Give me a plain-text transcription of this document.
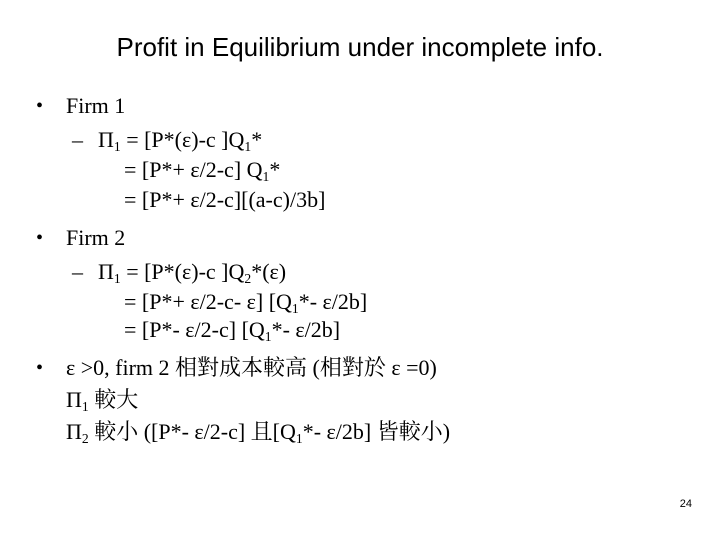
Profit in Equilibrium under incomplete info.
• Firm 1
– $\Pi_1 = [P*(\varepsilon)-c$ ]$Q_1*$
= [P*+ ε/2-c] $Q_1*$
= [P*+ ε/2-c][(a-c)/3b]
• Firm 2
– $\Pi_1 = [P*(\varepsilon)-c$ ]$Q_2*(\varepsilon)$
= [P*+ ε/2-c- ε] [$Q_1*-$ ε/2b]
= [P*- ε/2-c] [$Q_1*-$ ε/2b]
• ε >0, firm 2 相對成本較高 (相對於 ε =0)
$\Pi_1$ 較大
$\Pi_2$ 較小 ([P*- ε/2-c] 且[$Q_1*-$ ε/2b] 皆較小)
24
